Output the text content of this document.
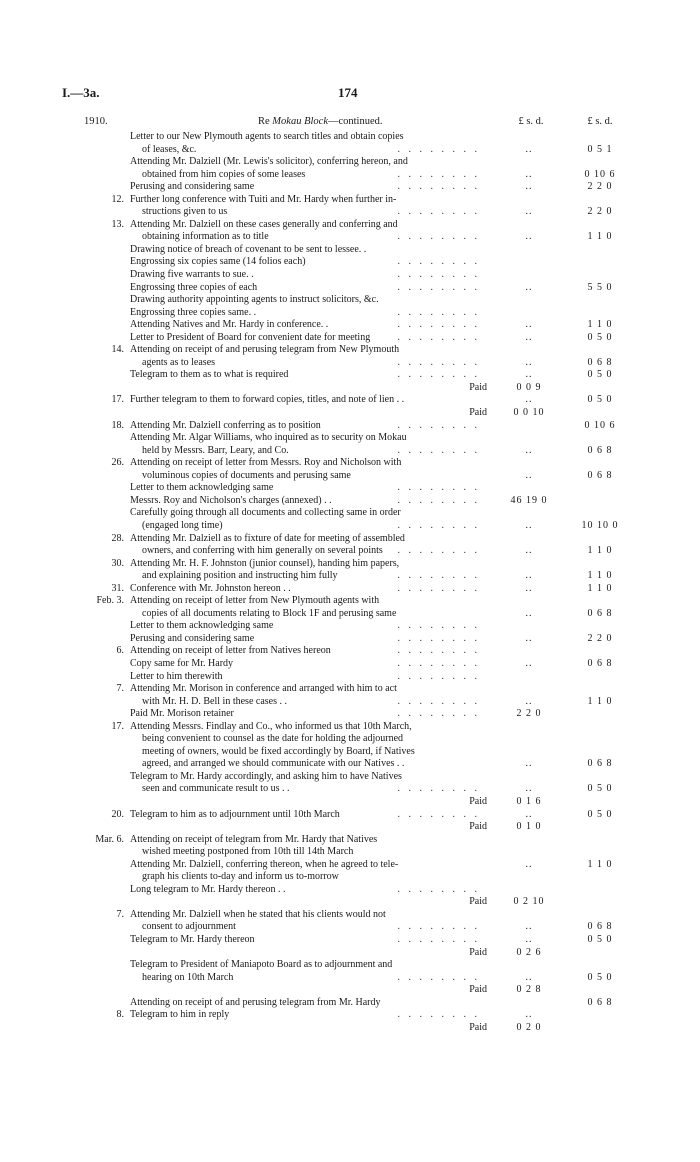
I.—3a.	174
1910.	Re Mokau Block—continued.	£ s. d.	£ s. d.
Letter to our New Plymouth agents to search titles and obtain copies
of leases, &c.	. . . . . . . .	..	0 5 1
Attending Mr. Dalziell (Mr. Lewis's solicitor), conferring hereon, and
obtained from him copies of some leases	. . . . . . . .	..	0 10 6
Perusing and considering same	. . . . . . . .	..	2 2 0
12. Further long conference with Tuiti and Mr. Hardy when further in-
structions given to us	. . . . . . . .	..	2 2 0
13. Attending Mr. Dalziell on these cases generally and conferring and
obtaining information as to title	. . . . . . . .	..	1 1 0
Drawing notice of breach of covenant to be sent to lessee. .
Engrossing six copies same (14 folios each)	. . . . . . . .
Drawing five warrants to sue. .	. . . . . . . .
Engrossing three copies of each	. . . . . . . .	..	5 5 0
Drawing authority appointing agents to instruct solicitors, &c.
Engrossing three copies same. .	. . . . . . . .
Attending Natives and Mr. Hardy in conference. .	. . . . . . . .	..	1 1 0
Letter to President of Board for convenient date for meeting	. . . . . . . .	..	0 5 0
14. Attending on receipt of and perusing telegram from New Plymouth
agents as to leases	. . . . . . . .	..	0 6 8
Telegram to them as to what is required	. . . . . . . .	..	0 5 0
Paid	0 0 9
17. Further telegram to them to forward copies, titles, and note of lien . .	..	0 5 0
Paid	0 0 10
18. Attending Mr. Dalziell conferring as to position	. . . . . . . .	0 10 6
Attending Mr. Algar Williams, who inquired as to security on Mokau
held by Messrs. Barr, Leary, and Co.	. . . . . . . .	..	0 6 8
26. Attending on receipt of letter from Messrs. Roy and Nicholson with
voluminous copies of documents and perusing same	..	0 6 8
Letter to them acknowledging same	. . . . . . . .
Messrs. Roy and Nicholson's charges (annexed) . .	. . . . . . . .	46 19 0
Carefully going through all documents and collecting same in order
(engaged long time)	. . . . . . . .	..	10 10 0
28. Attending Mr. Dalziell as to fixture of date for meeting of assembled
owners, and conferring with him generally on several points	. . . . . . . .	..	1 1 0
30. Attending Mr. H. F. Johnston (junior counsel), handing him papers,
and explaining position and instructing him fully	. . . . . . . .	..	1 1 0
31. Conference with Mr. Johnston hereon . .	. . . . . . . .	..	1 1 0
Feb. 3. Attending on receipt of letter from New Plymouth agents with
copies of all documents relating to Block 1F and perusing same	..	0 6 8
Letter to them acknowledging same	. . . . . . . .
Perusing and considering same	. . . . . . . .	..	2 2 0
6. Attending on receipt of letter from Natives hereon	. . . . . . . .
Copy same for Mr. Hardy	. . . . . . . .	..	0 6 8
Letter to him therewith	. . . . . . . .
7. Attending Mr. Morison in conference and arranged with him to act
with Mr. H. D. Bell in these cases . .	. . . . . . . .	..	1 1 0
Paid Mr. Morison retainer	. . . . . . . .	2 2 0
17. Attending Messrs. Findlay and Co., who informed us that 10th March,
being convenient to counsel as the date for holding the adjourned
meeting of owners, would be fixed accordingly by Board, if Natives
agreed, and arranged we should communicate with our Natives . .	..	0 6 8
Telegram to Mr. Hardy accordingly, and asking him to have Natives
seen and communicate result to us . .	. . . . . . . .	..	0 5 0
Paid	0 1 6
20. Telegram to him as to adjournment until 10th March	. . . . . . . .	..	0 5 0
Paid	0 1 0
Mar. 6. Attending on receipt of telegram from Mr. Hardy that Natives
wished meeting postponed from 10th till 14th March
Attending Mr. Dalziell, conferring thereon, when he agreed to tele-	..	1 1 0
graph his clients to-day and inform us to-morrow
Long telegram to Mr. Hardy thereon . .	. . . . . . . .
Paid	0 2 10
7. Attending Mr. Dalziell when he stated that his clients would not
consent to adjournment	. . . . . . . .	..	0 6 8
Telegram to Mr. Hardy thereon	. . . . . . . .	..	0 5 0
Paid	0 2 6
Telegram to President of Maniapoto Board as to adjournment and
hearing on 10th March	. . . . . . . .	..	0 5 0
Paid	0 2 8
Attending on receipt of and perusing telegram from Mr. Hardy	0 6 8
8. Telegram to him in reply	. . . . . . . .	..
Paid	0 2 0
